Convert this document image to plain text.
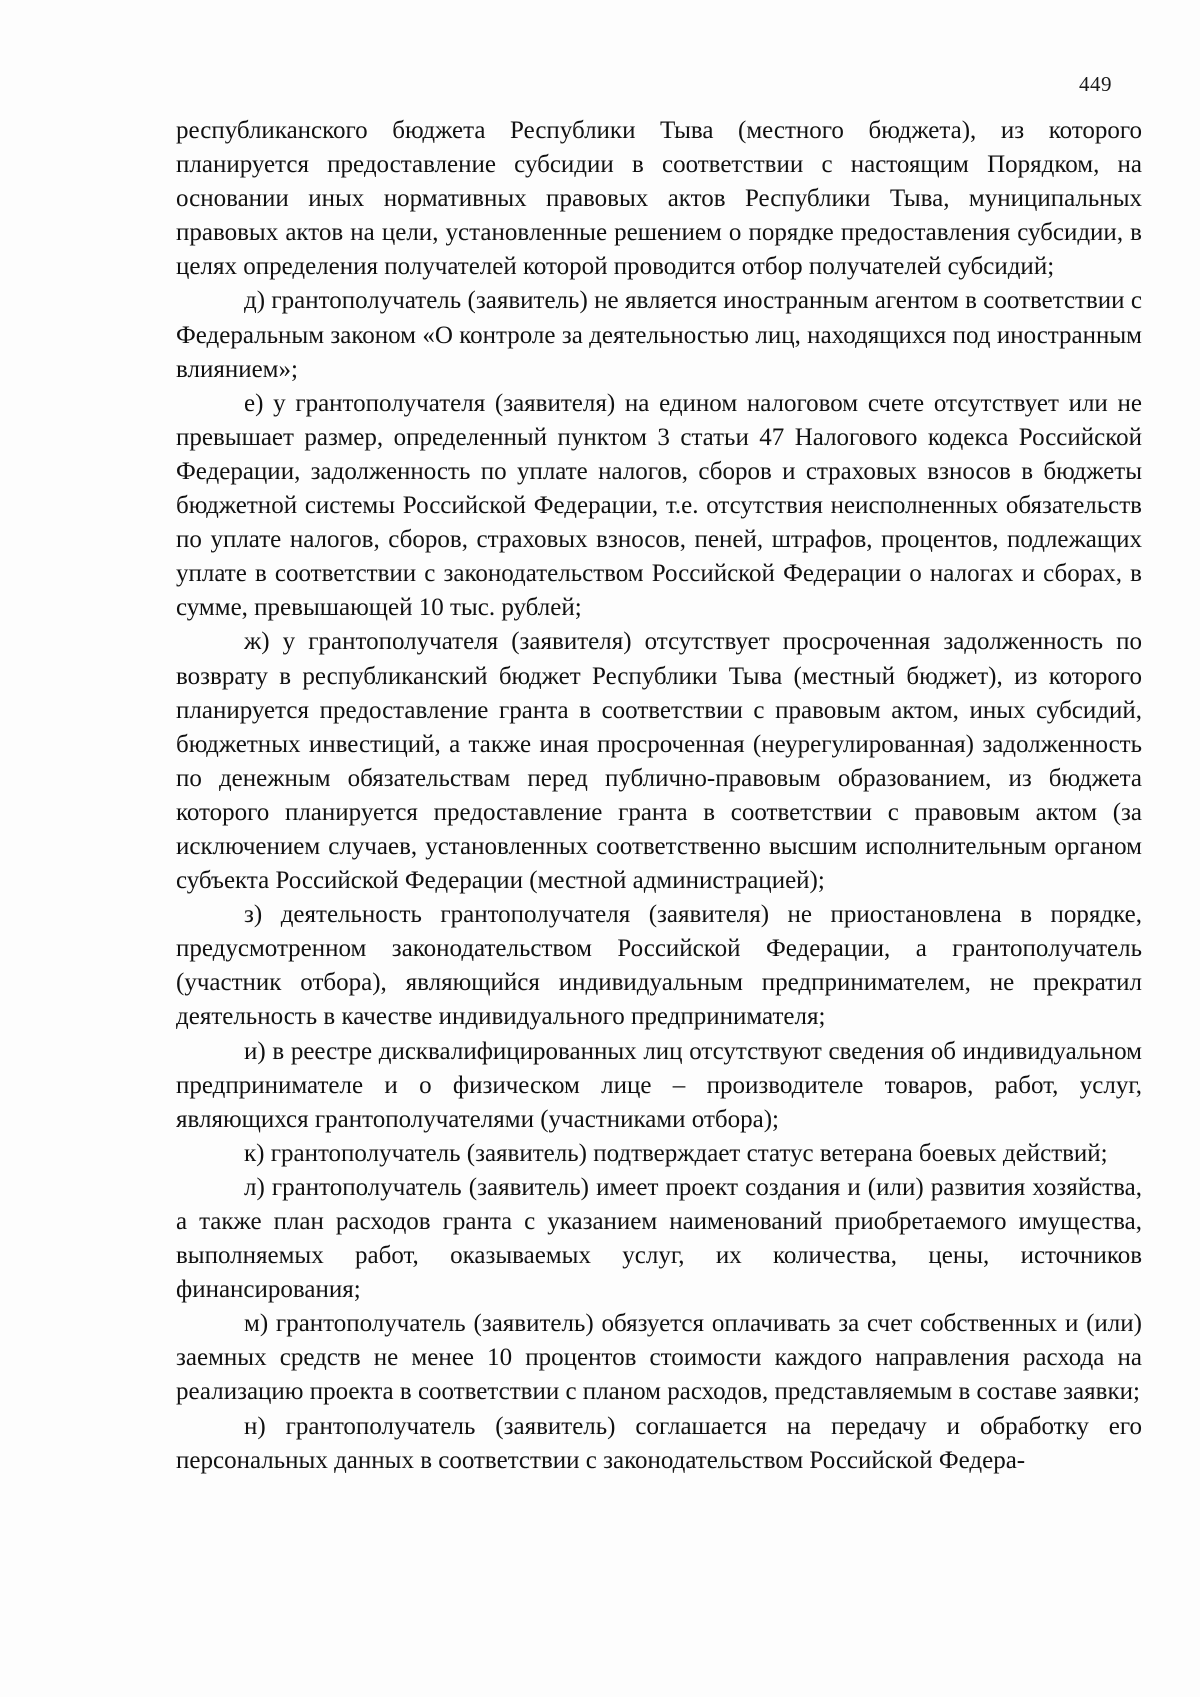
449

республиканского бюджета Республики Тыва (местного бюджета), из которого планируется предоставление субсидии в соответствии с настоящим Порядком, на основании иных нормативных правовых актов Республики Тыва, муниципальных правовых актов на цели, установленные решением о порядке предоставления субсидии, в целях определения получателей которой проводится отбор получателей субсидий;

д) грантополучатель (заявитель) не является иностранным агентом в соответствии с Федеральным законом «О контроле за деятельностью лиц, находящихся под иностранным влиянием»;

е) у грантополучателя (заявителя) на едином налоговом счете отсутствует или не превышает размер, определенный пунктом 3 статьи 47 Налогового кодекса Российской Федерации, задолженность по уплате налогов, сборов и страховых взносов в бюджеты бюджетной системы Российской Федерации, т.е. отсутствия неисполненных обязательств по уплате налогов, сборов, страховых взносов, пеней, штрафов, процентов, подлежащих уплате в соответствии с законодательством Российской Федерации о налогах и сборах, в сумме, превышающей 10 тыс. рублей;

ж) у грантополучателя (заявителя) отсутствует просроченная задолженность по возврату в республиканский бюджет Республики Тыва (местный бюджет), из которого планируется предоставление гранта в соответствии с правовым актом, иных субсидий, бюджетных инвестиций, а также иная просроченная (неурегулированная) задолженность по денежным обязательствам перед публично-правовым образованием, из бюджета которого планируется предоставление гранта в соответствии с правовым актом (за исключением случаев, установленных соответственно высшим исполнительным органом субъекта Российской Федерации (местной администрацией);

з) деятельность грантополучателя (заявителя) не приостановлена в порядке, предусмотренном законодательством Российской Федерации, а грантополучатель (участник отбора), являющийся индивидуальным предпринимателем, не прекратил деятельность в качестве индивидуального предпринимателя;

и) в реестре дисквалифицированных лиц отсутствуют сведения об индивидуальном предпринимателе и о физическом лице – производителе товаров, работ, услуг, являющихся грантополучателями (участниками отбора);

к) грантополучатель (заявитель) подтверждает статус ветерана боевых действий;

л) грантополучатель (заявитель) имеет проект создания и (или) развития хозяйства, а также план расходов гранта с указанием наименований приобретаемого имущества, выполняемых работ, оказываемых услуг, их количества, цены, источников финансирования;

м) грантополучатель (заявитель) обязуется оплачивать за счет собственных и (или) заемных средств не менее 10 процентов стоимости каждого направления расхода на реализацию проекта в соответствии с планом расходов, представляемым в составе заявки;

н) грантополучатель (заявитель) соглашается на передачу и обработку его персональных данных в соответствии с законодательством Российской Федера-
